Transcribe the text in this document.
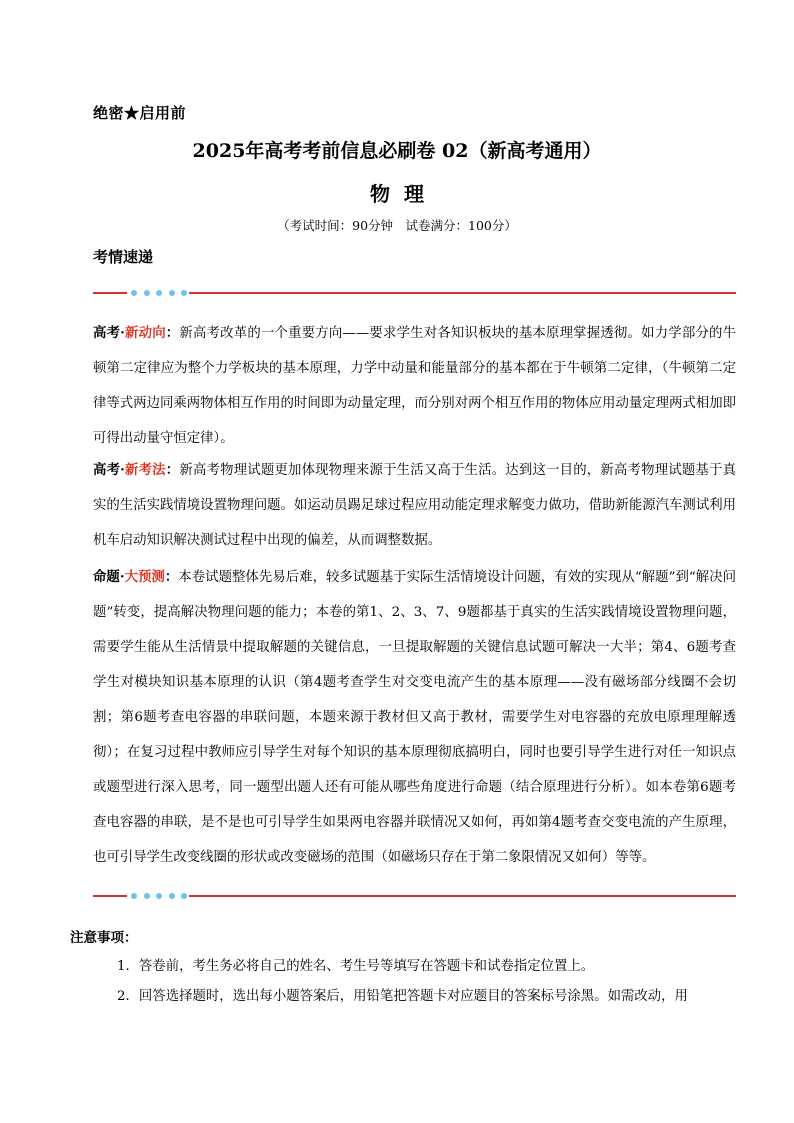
绝密★启用前
2025年高考考前信息必刷卷 02（新高考通用）
物理
（考试时间：90分钟　试卷满分：100分）
考情速递
高考·新动向：新高考改革的一个重要方向——要求学生对各知识板块的基本原理掌握透彻。如力学部分的牛顿第二定律应为整个力学板块的基本原理，力学中动量和能量部分的基本都在于牛顿第二定律，（牛顿第二定律等式两边同乘两物体相互作用的时间即为动量定理，而分别对两个相互作用的物体应用动量定理两式相加即可得出动量守恒定律）。
高考·新考法：新高考物理试题更加体现物理来源于生活又高于生活。达到这一目的，新高考物理试题基于真实的生活实践情境设置物理问题。如运动员踢足球过程应用动能定理求解变力做功，借助新能源汽车测试利用机车启动知识解决测试过程中出现的偏差，从而调整数据。
命题·大预测：本卷试题整体先易后难，较多试题基于实际生活情境设计问题，有效的实现从“解题”到“解决问题”转变，提高解决物理问题的能力；本卷的第1、2、3、7、9题都基于真实的生活实践情境设置物理问题，需要学生能从生活情景中提取解题的关键信息，一旦提取解题的关键信息试题可解决一大半；第4、6题考查学生对模块知识基本原理的认识（第4题考查学生对交变电流产生的基本原理——没有磁场部分线圈不会切割；第6题考查电容器的串联问题，本题来源于教材但又高于教材，需要学生对电容器的充放电原理理解透彻）；在复习过程中教师应引导学生对每个知识的基本原理彻底搞明白，同时也要引导学生进行对任一知识点或题型进行深入思考，同一题型出题人还有可能从哪些角度进行命题（结合原理进行分析）。如本卷第6题考查电容器的串联，是不是也可引导学生如果两电容器并联情况又如何，再如第4题考查交变电流的产生原理，也可引导学生改变线圈的形状或改变磁场的范围（如磁场只存在于第二象限情况又如何）等等。
注意事项：
1．答卷前，考生务必将自己的姓名、考生号等填写在答题卡和试卷指定位置上。
2．回答选择题时，选出每小题答案后，用铅笔把答题卡对应题目的答案标号涂黑。如需改动，用
